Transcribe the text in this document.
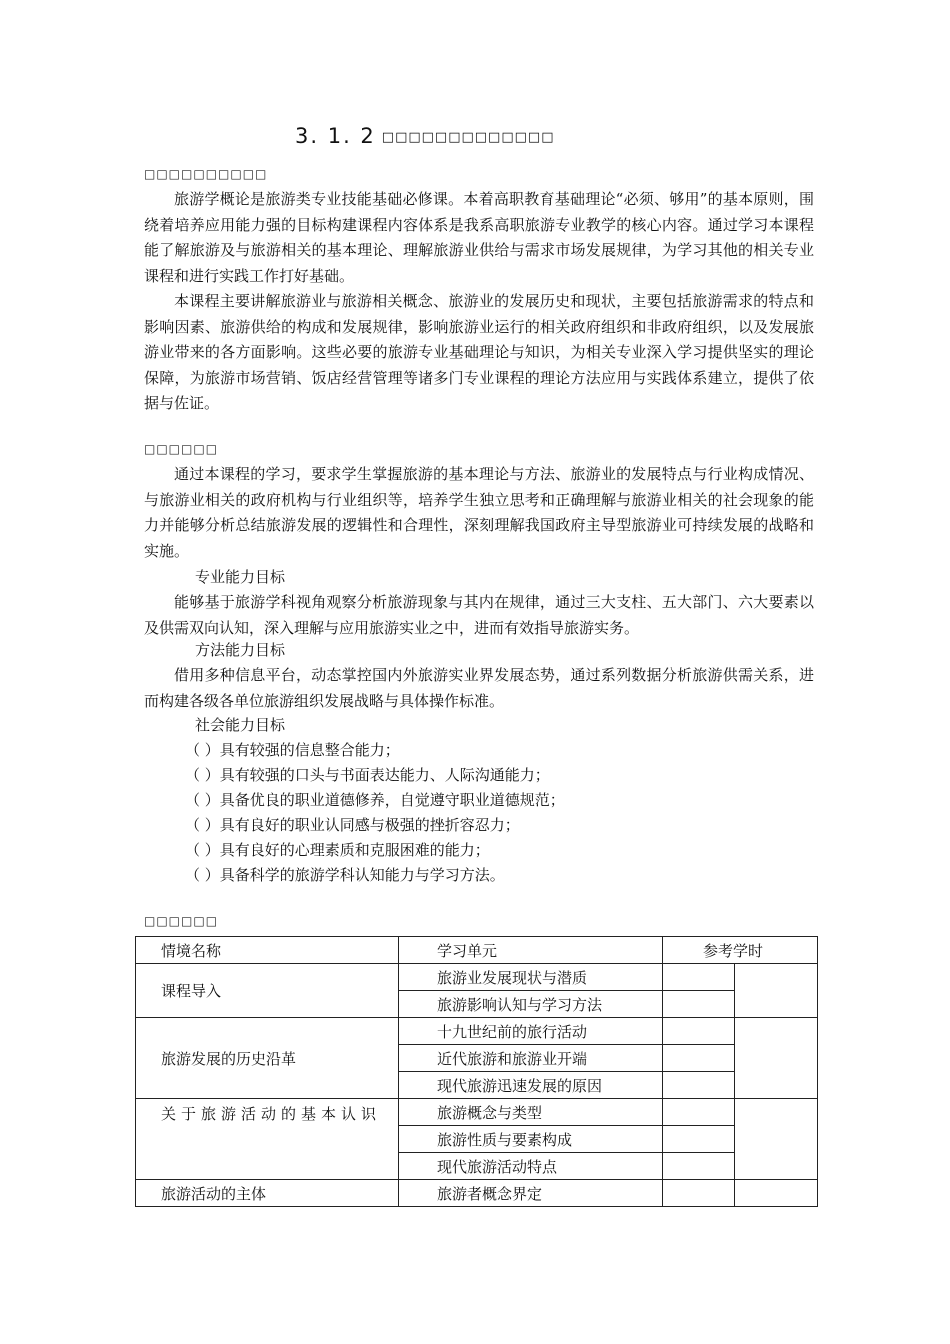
3. 1. 2 □□□□□□□□□□□□□
□□□□□□□□□□

旅游学概论是旅游类专业技能基础必修课。本着高职教育基础理论“必须、够用”的基本原则，围绕着培养应用能力强的目标构建课程内容体系是我系高职旅游专业教学的核心内容。通过学习本课程能了解旅游及与旅游相关的基本理论、理解旅游业供给与需求市场发展规律，为学习其他的相关专业课程和进行实践工作打好基础。

本课程主要讲解旅游业与旅游相关概念、旅游业的发展历史和现状，主要包括旅游需求的特点和影响因素、旅游供给的构成和发展规律，影响旅游业运行的相关政府组织和非政府组织，以及发展旅游业带来的各方面影响。这些必要的旅游专业基础理论与知识，为相关专业深入学习提供坚实的理论保障，为旅游市场营销、饭店经营管理等诸多门专业课程的理论方法应用与实践体系建立，提供了依据与佐证。

□□□□□□

通过本课程的学习，要求学生掌握旅游的基本理论与方法、旅游业的发展特点与行业构成情况、与旅游业相关的政府机构与行业组织等，培养学生独立思考和正确理解与旅游业相关的社会现象的能力并能够分析总结旅游发展的逻辑性和合理性，深刻理解我国政府主导型旅游业可持续发展的战略和实施。

专业能力目标

能够基于旅游学科视角观察分析旅游现象与其内在规律，通过三大支柱、五大部门、六大要素以及供需双向认知，深入理解与应用旅游实业之中，进而有效指导旅游实务。

方法能力目标

借用多种信息平台，动态掌控国内外旅游实业界发展态势，通过系列数据分析旅游供需关系，进而构建各级各单位旅游组织发展战略与具体操作标准。

社会能力目标
（ ）具有较强的信息整合能力；
（ ）具有较强的口头与书面表达能力、人际沟通能力；
（ ）具备优良的职业道德修养，自觉遵守职业道德规范；
（ ）具有良好的职业认同感与极强的挫折容忍力；
（ ）具有良好的心理素质和克服困难的能力；
（ ）具备科学的旅游学科认知能力与学习方法。
□□□□□□
情境名称	学习单元	参考学时	
课程导入	旅游业发展现状与潜质		
	旅游影响认知与学习方法		
旅游发展的历史沿革	十九世纪前的旅行活动		
	近代旅游和旅游业开端		
	现代旅游迅速发展的原因		
关于旅游活动的基本认识	旅游概念与类型		
	旅游性质与要素构成		
	现代旅游活动特点		
旅游活动的主体	旅游者概念界定		
